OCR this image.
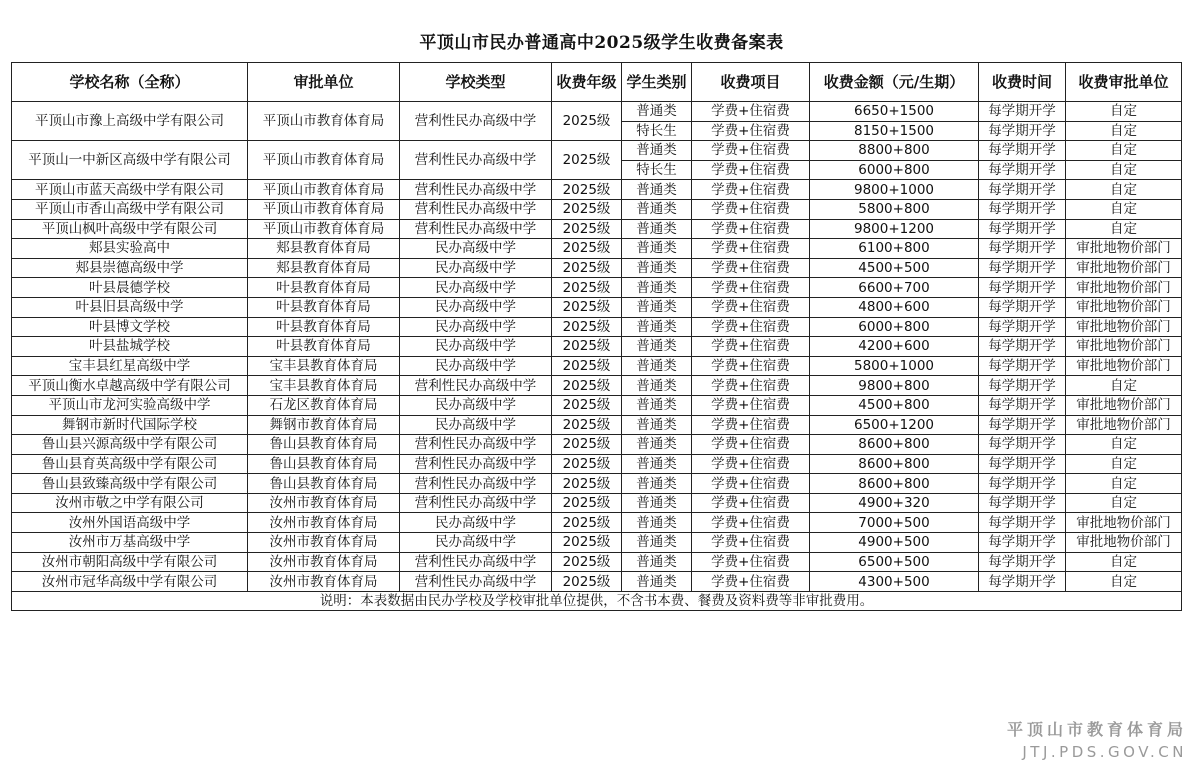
平顶山市民办普通高中2025级学生收费备案表
学校名称（全称）	审批单位	学校类型	收费年级	学生类别	收费项目	收费金额（元/生期）	收费时间	收费审批单位
平顶山市豫上高级中学有限公司	平顶山市教育体育局	营利性民办高级中学	2025级	普通类	学费+住宿费	6650+1500	每学期开学	自定
				特长生	学费+住宿费	8150+1500	每学期开学	自定
平顶山一中新区高级中学有限公司	平顶山市教育体育局	营利性民办高级中学	2025级	普通类	学费+住宿费	8800+800	每学期开学	自定
				特长生	学费+住宿费	6000+800	每学期开学	自定
平顶山市蓝天高级中学有限公司	平顶山市教育体育局	营利性民办高级中学	2025级	普通类	学费+住宿费	9800+1000	每学期开学	自定
平顶山市香山高级中学有限公司	平顶山市教育体育局	营利性民办高级中学	2025级	普通类	学费+住宿费	5800+800	每学期开学	自定
平顶山枫叶高级中学有限公司	平顶山市教育体育局	营利性民办高级中学	2025级	普通类	学费+住宿费	9800+1200	每学期开学	自定
郏县实验高中	郏县教育体育局	民办高级中学	2025级	普通类	学费+住宿费	6100+800	每学期开学	审批地物价部门
郏县崇德高级中学	郏县教育体育局	民办高级中学	2025级	普通类	学费+住宿费	4500+500	每学期开学	审批地物价部门
叶县晨德学校	叶县教育体育局	民办高级中学	2025级	普通类	学费+住宿费	6600+700	每学期开学	审批地物价部门
叶县旧县高级中学	叶县教育体育局	民办高级中学	2025级	普通类	学费+住宿费	4800+600	每学期开学	审批地物价部门
叶县博文学校	叶县教育体育局	民办高级中学	2025级	普通类	学费+住宿费	6000+800	每学期开学	审批地物价部门
叶县盐城学校	叶县教育体育局	民办高级中学	2025级	普通类	学费+住宿费	4200+600	每学期开学	审批地物价部门
宝丰县红星高级中学	宝丰县教育体育局	民办高级中学	2025级	普通类	学费+住宿费	5800+1000	每学期开学	审批地物价部门
平顶山衡水卓越高级中学有限公司	宝丰县教育体育局	营利性民办高级中学	2025级	普通类	学费+住宿费	9800+800	每学期开学	自定
平顶山市龙河实验高级中学	石龙区教育体育局	民办高级中学	2025级	普通类	学费+住宿费	4500+800	每学期开学	审批地物价部门
舞钢市新时代国际学校	舞钢市教育体育局	民办高级中学	2025级	普通类	学费+住宿费	6500+1200	每学期开学	审批地物价部门
鲁山县兴源高级中学有限公司	鲁山县教育体育局	营利性民办高级中学	2025级	普通类	学费+住宿费	8600+800	每学期开学	自定
鲁山县育英高级中学有限公司	鲁山县教育体育局	营利性民办高级中学	2025级	普通类	学费+住宿费	8600+800	每学期开学	自定
鲁山县致臻高级中学有限公司	鲁山县教育体育局	营利性民办高级中学	2025级	普通类	学费+住宿费	8600+800	每学期开学	自定
汝州市敬之中学有限公司	汝州市教育体育局	营利性民办高级中学	2025级	普通类	学费+住宿费	4900+320	每学期开学	自定
汝州外国语高级中学	汝州市教育体育局	民办高级中学	2025级	普通类	学费+住宿费	7000+500	每学期开学	审批地物价部门
汝州市万基高级中学	汝州市教育体育局	民办高级中学	2025级	普通类	学费+住宿费	4900+500	每学期开学	审批地物价部门
汝州市朝阳高级中学有限公司	汝州市教育体育局	营利性民办高级中学	2025级	普通类	学费+住宿费	6500+500	每学期开学	自定
汝州市冠华高级中学有限公司	汝州市教育体育局	营利性民办高级中学	2025级	普通类	学费+住宿费	4300+500	每学期开学	自定
说明：本表数据由民办学校及学校审批单位提供，不含书本费、餐费及资料费等非审批费用。								
平顶山市教育体育局
JTJ.PDS.GOV.CN
